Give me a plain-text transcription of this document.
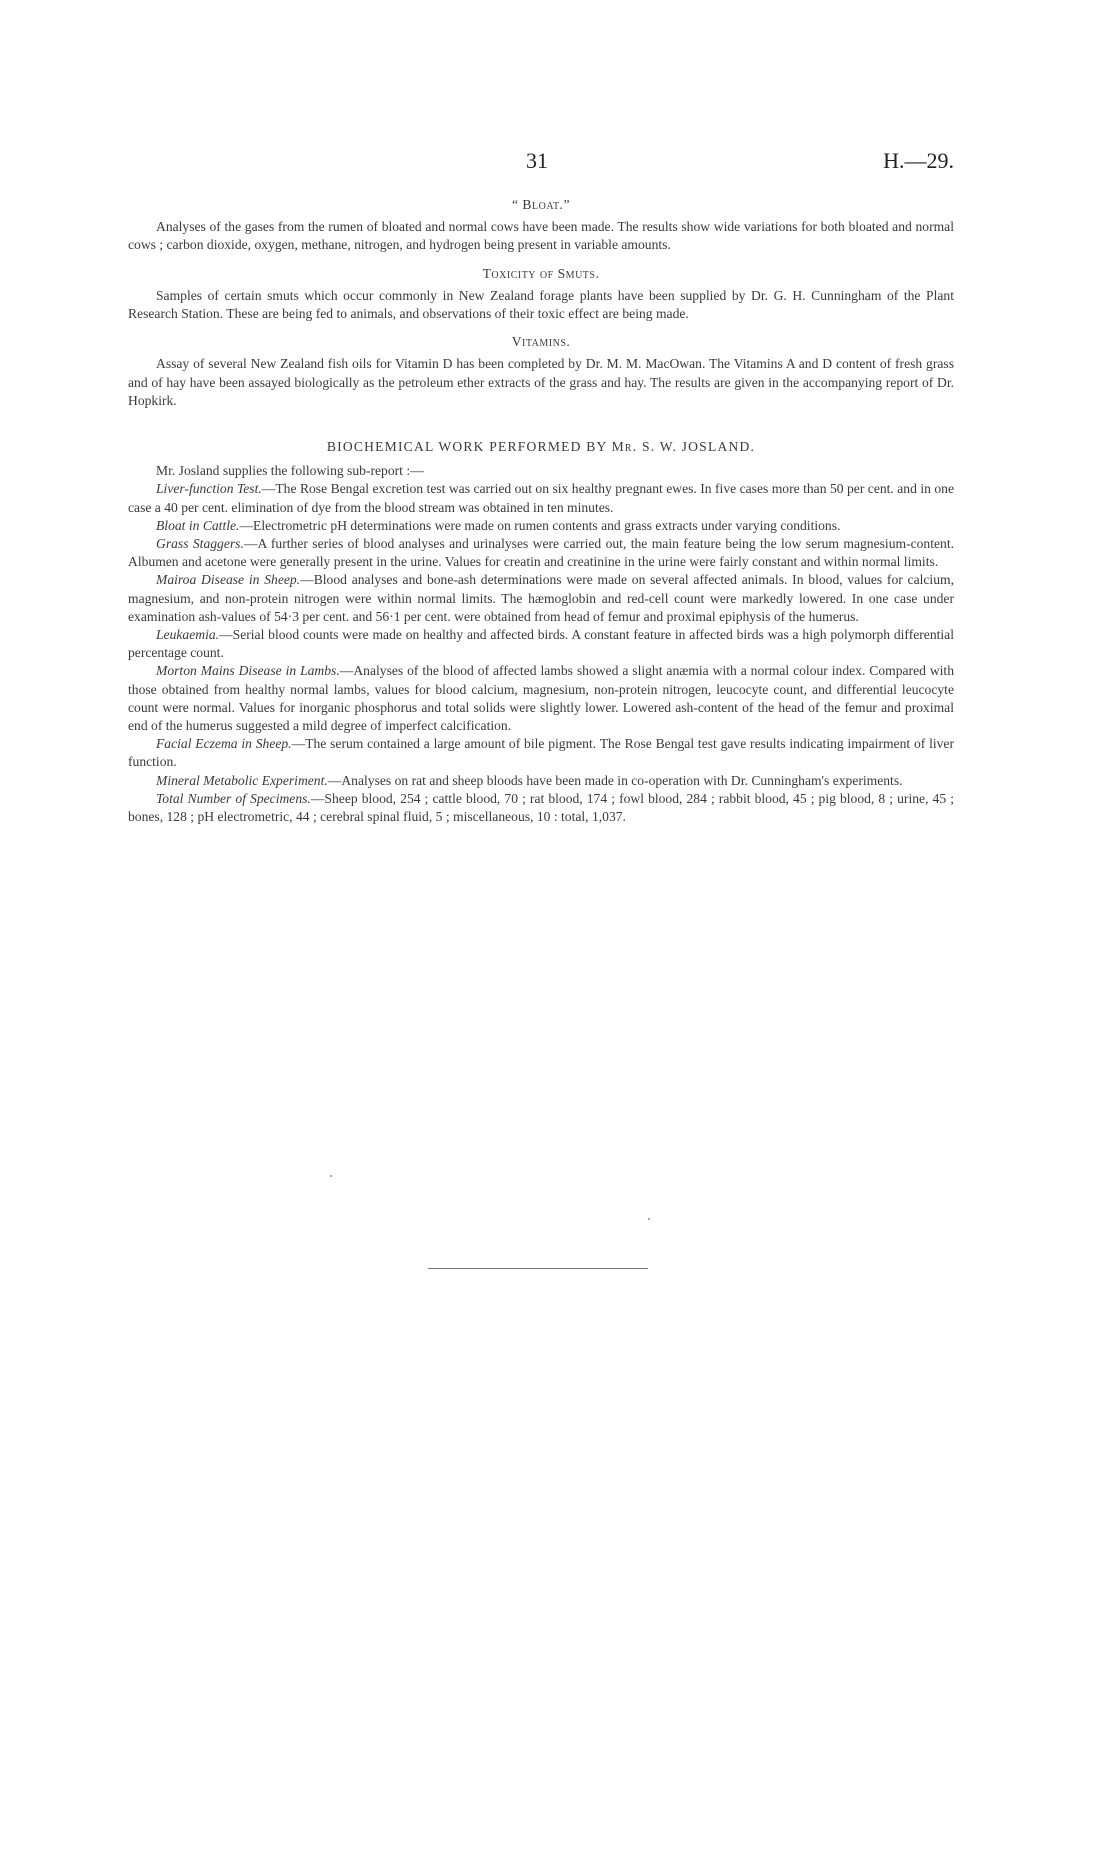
31	H.—29.
“ Bloat.”

Analyses of the gases from the rumen of bloated and normal cows have been made. The results show wide variations for both bloated and normal cows ; carbon dioxide, oxygen, methane, nitrogen, and hydrogen being present in variable amounts.

Toxicity of Smuts.

Samples of certain smuts which occur commonly in New Zealand forage plants have been supplied by Dr. G. H. Cunningham of the Plant Research Station. These are being fed to animals, and observations of their toxic effect are being made.

Vitamins.

Assay of several New Zealand fish oils for Vitamin D has been completed by Dr. M. M. MacOwan. The Vitamins A and D content of fresh grass and of hay have been assayed biologically as the petroleum ether extracts of the grass and hay. The results are given in the accompanying report of Dr. Hopkirk.

BIOCHEMICAL WORK PERFORMED BY Mr. S. W. JOSLAND.

Mr. Josland supplies the following sub-report :—

Liver-function Test.—The Rose Bengal excretion test was carried out on six healthy pregnant ewes. In five cases more than 50 per cent. and in one case a 40 per cent. elimination of dye from the blood stream was obtained in ten minutes.

Bloat in Cattle.—Electrometric pH determinations were made on rumen contents and grass extracts under varying conditions.

Grass Staggers.—A further series of blood analyses and urinalyses were carried out, the main feature being the low serum magnesium-content. Albumen and acetone were generally present in the urine. Values for creatin and creatinine in the urine were fairly constant and within normal limits.

Mairoa Disease in Sheep.—Blood analyses and bone-ash determinations were made on several affected animals. In blood, values for calcium, magnesium, and non-protein nitrogen were within normal limits. The hæmoglobin and red-cell count were markedly lowered. In one case under examination ash-values of 54·3 per cent. and 56·1 per cent. were obtained from head of femur and proximal epiphysis of the humerus.

Leukaemia.—Serial blood counts were made on healthy and affected birds. A constant feature in affected birds was a high polymorph differential percentage count.

Morton Mains Disease in Lambs.—Analyses of the blood of affected lambs showed a slight anæmia with a normal colour index. Compared with those obtained from healthy normal lambs, values for blood calcium, magnesium, non-protein nitrogen, leucocyte count, and differential leucocyte count were normal. Values for inorganic phosphorus and total solids were slightly lower. Lowered ash-content of the head of the femur and proximal end of the humerus suggested a mild degree of imperfect calcification.

Facial Eczema in Sheep.—The serum contained a large amount of bile pigment. The Rose Bengal test gave results indicating impairment of liver function.

Mineral Metabolic Experiment.—Analyses on rat and sheep bloods have been made in co-operation with Dr. Cunningham's experiments.

Total Number of Specimens.—Sheep blood, 254 ; cattle blood, 70 ; rat blood, 174 ; fowl blood, 284 ; rabbit blood, 45 ; pig blood, 8 ; urine, 45 ; bones, 128 ; pH electrometric, 44 ; cerebral spinal fluid, 5 ; miscellaneous, 10 : total, 1,037.
